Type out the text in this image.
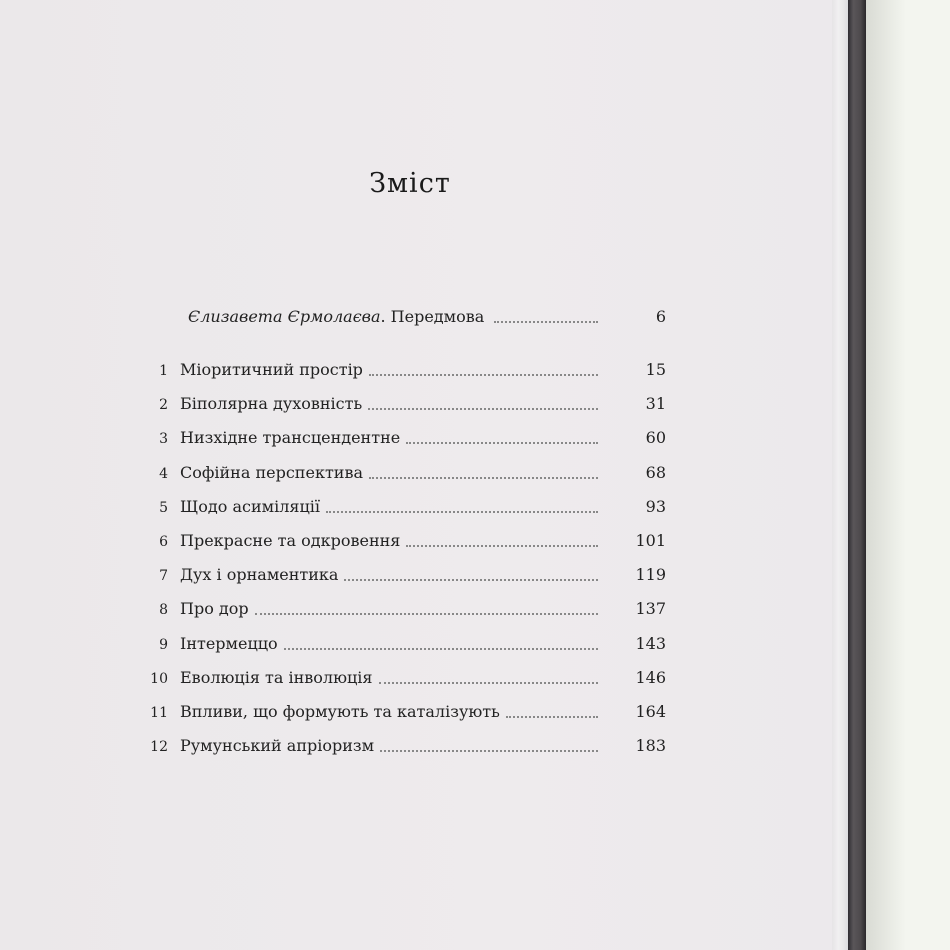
Зміст
Єлизавета Єрмолаєва. Передмова	6
1 Міоритичний простір	15
2 Біполярна духовність	31
3 Низхідне трансцендентне	60
4 Софійна перспектива	68
5 Щодо асиміляції	93
6 Прекрасне та одкровення	101
7 Дух і орнаментика	119
8 Про дор	137
9 Інтермеццо	143
10 Еволюція та інволюція	146
11 Впливи, що формують та каталізують	164
12 Румунський апріоризм	183
